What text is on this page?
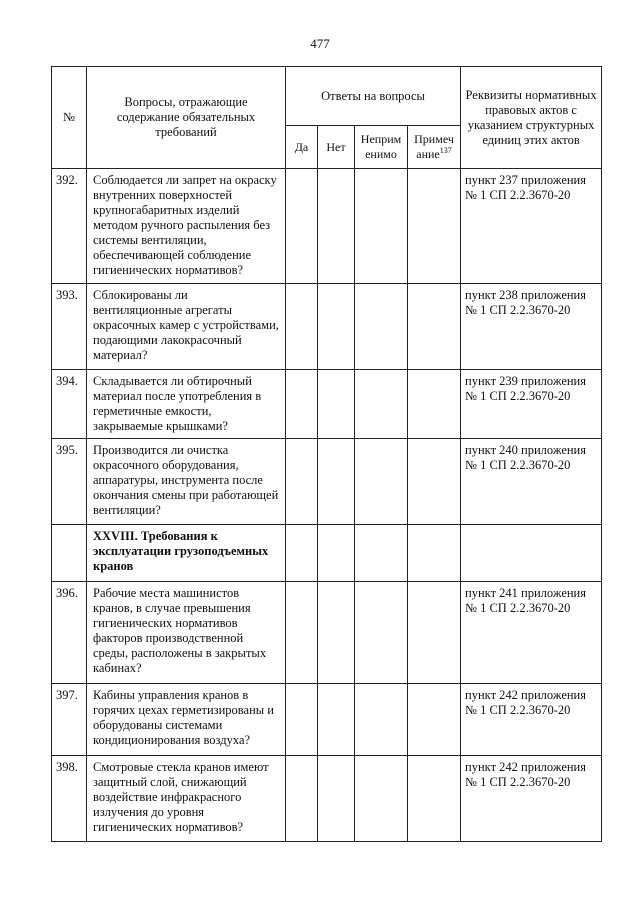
477
№	Вопросы, отражающие содержание обязательных требований	Ответы на вопросы				Реквизиты нормативных правовых актов с указанием структурных единиц этих актов
		Да	Нет	Неприм енимо	Примеч ание$^{137}$
392.	Соблюдается ли запрет на окраску внутренних поверхностей крупногабаритных изделий методом ручного распыления без системы вентиляции, обеспечивающей соблюдение гигиенических нормативов?					пункт 237 приложения № 1 СП 2.2.3670-20
393.	Сблокированы ли вентиляционные агрегаты окрасочных камер с устройствами, подающими лакокрасочный материал?					пункт 238 приложения № 1 СП 2.2.3670-20
394.	Складывается ли обтирочный материал после употребления в герметичные емкости, закрываемые крышками?					пункт 239 приложения № 1 СП 2.2.3670-20
395.	Производится ли очистка окрасочного оборудования, аппаратуры, инструмента после окончания смены при работающей вентиляции?					пункт 240 приложения № 1 СП 2.2.3670-20
	XXVIII. Требования к эксплуатации грузоподъемных кранов					
396.	Рабочие места машинистов кранов, в случае превышения гигиенических нормативов факторов производственной среды, расположены в закрытых кабинах?					пункт 241 приложения № 1 СП 2.2.3670-20
397.	Кабины управления кранов в горячих цехах герметизированы и оборудованы системами кондиционирования воздуха?					пункт 242 приложения № 1 СП 2.2.3670-20
398.	Смотровые стекла кранов имеют защитный слой, снижающий воздействие инфракрасного излучения до уровня гигиенических нормативов?					пункт 242 приложения № 1 СП 2.2.3670-20
